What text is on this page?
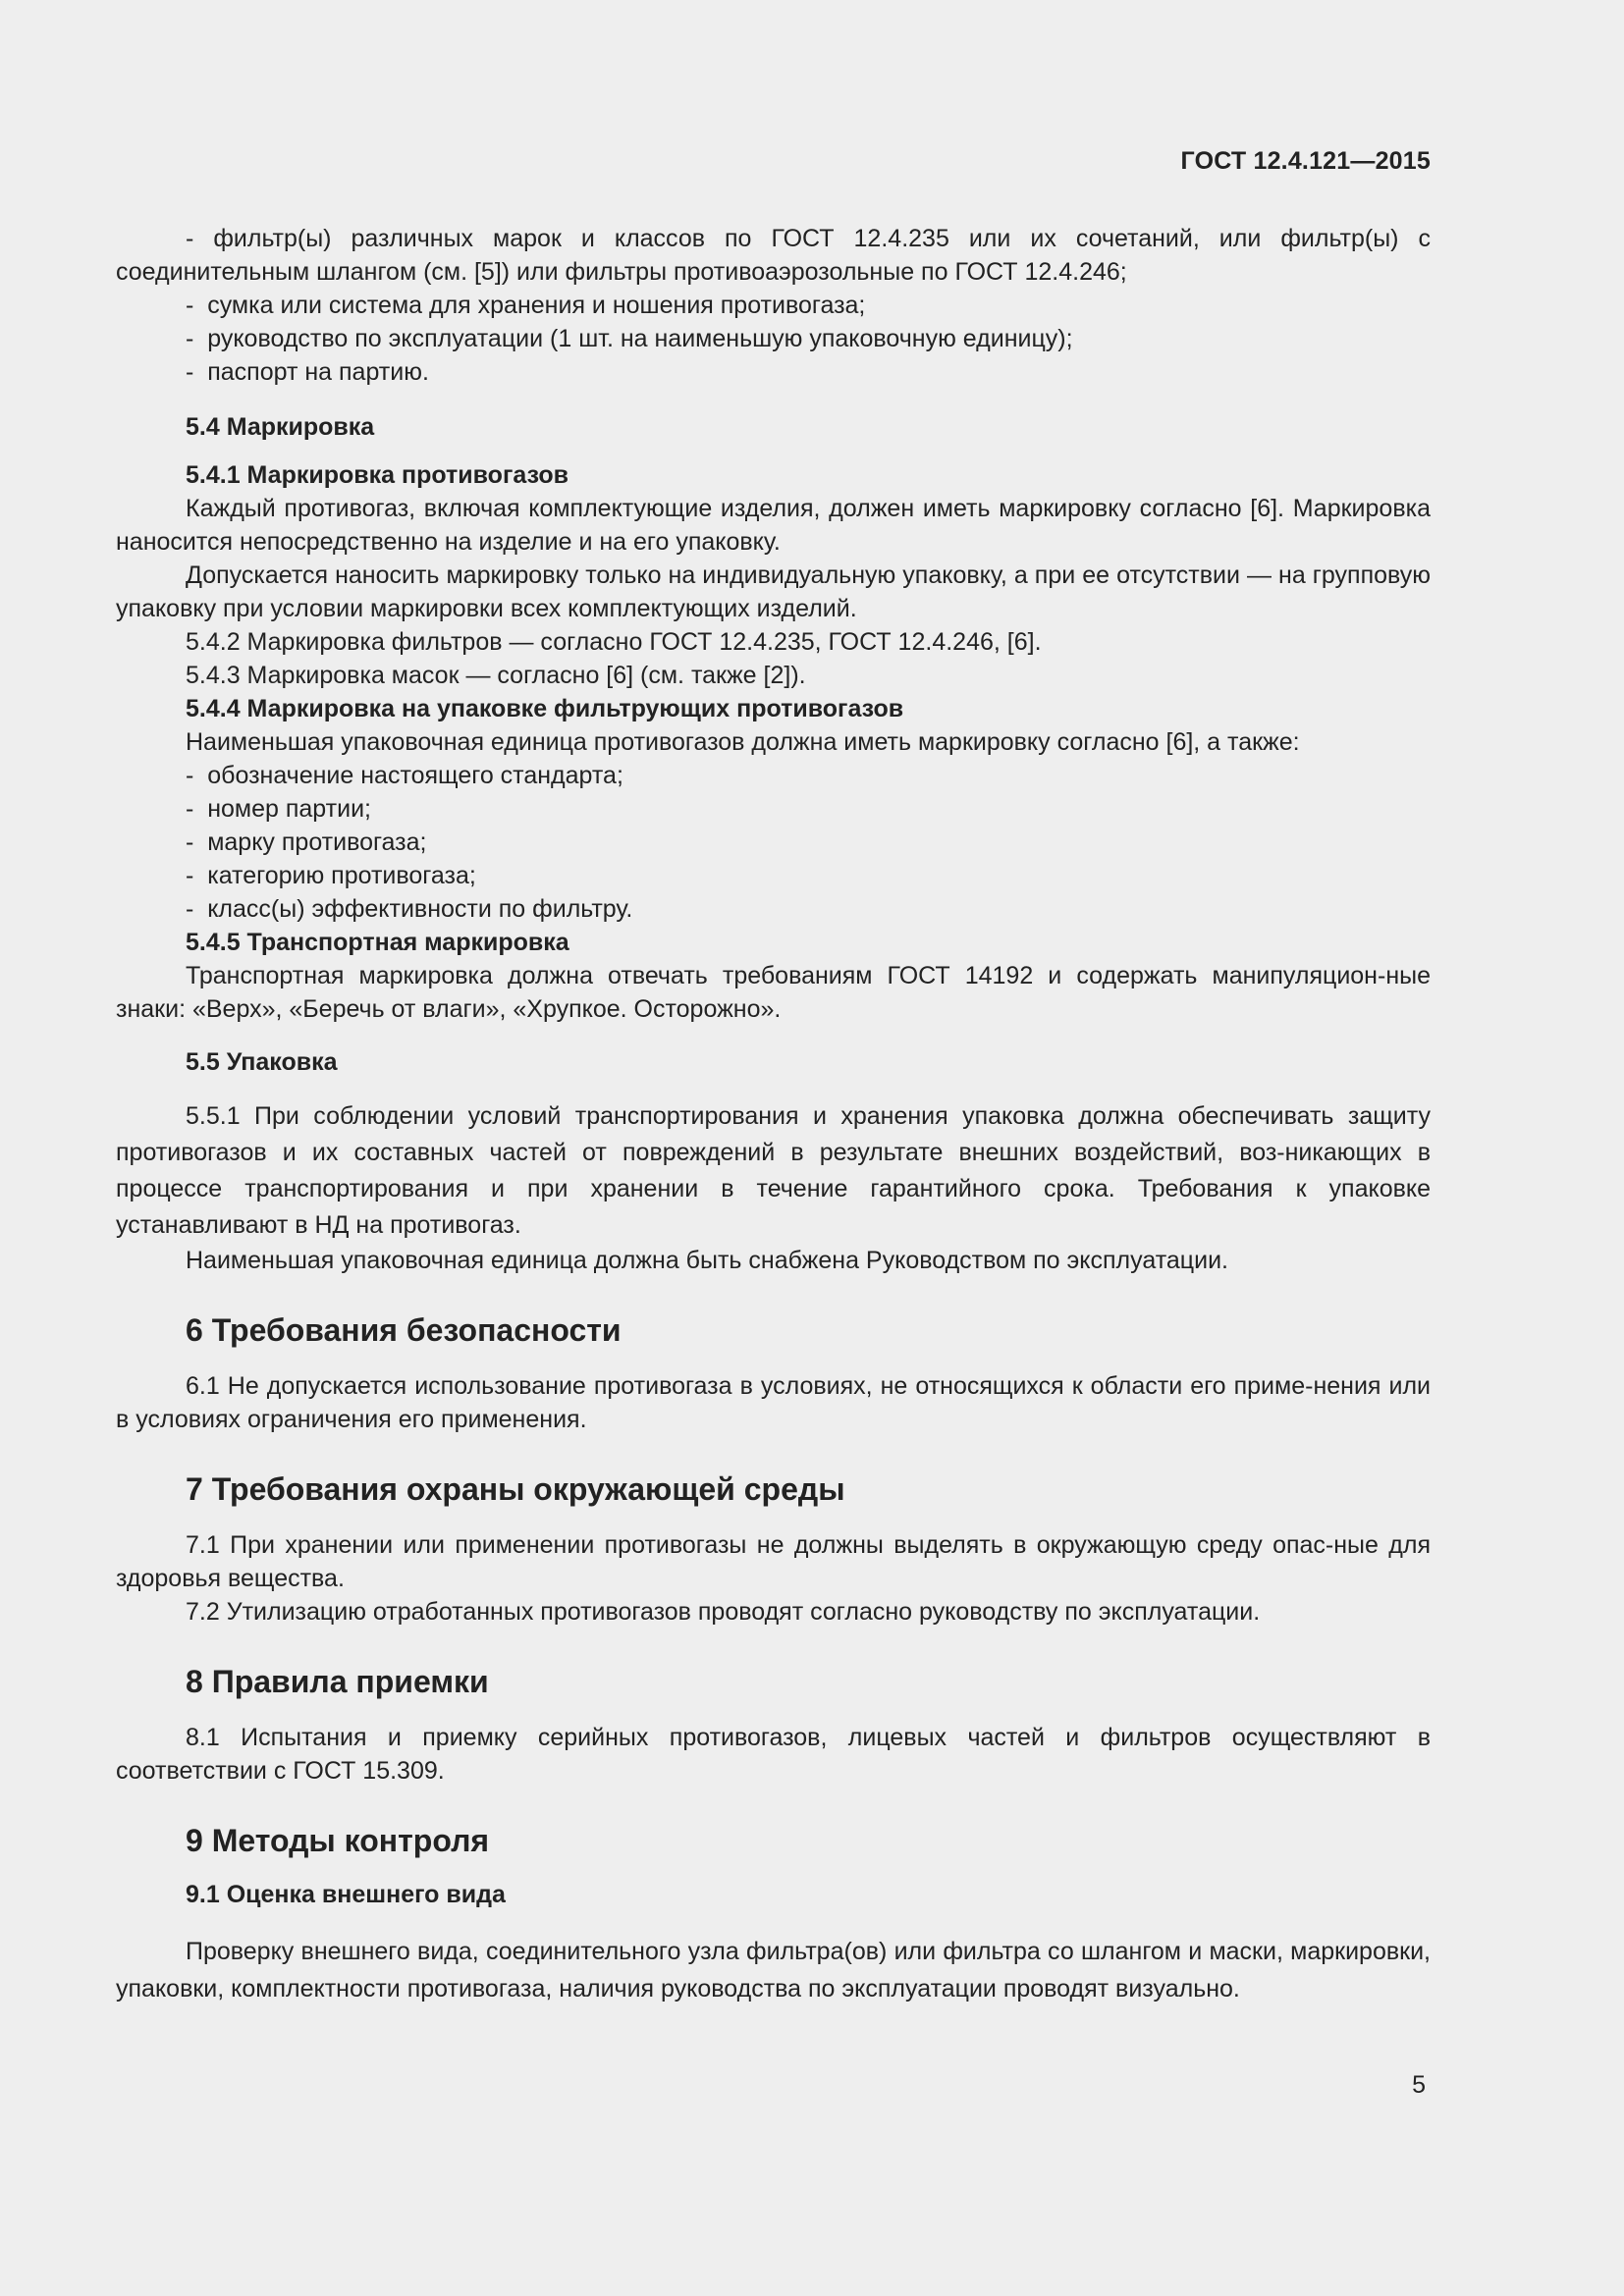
ГОСТ 12.4.121—2015

- фильтр(ы) различных марок и классов по ГОСТ 12.4.235 или их сочетаний, или фильтр(ы) с соединительным шлангом (см. [5]) или фильтры противоаэрозольные по ГОСТ 12.4.246;

-  сумка или система для хранения и ношения противогаза;

-  руководство по эксплуатации (1 шт. на наименьшую упаковочную единицу);

-  паспорт на партию.

5.4 Маркировка

5.4.1 Маркировка противогазов

Каждый противогаз, включая комплектующие изделия, должен иметь маркировку согласно [6]. Маркировка наносится непосредственно на изделие и на его упаковку.

Допускается наносить маркировку только на индивидуальную упаковку, а при ее отсутствии — на групповую упаковку при условии маркировки всех комплектующих изделий.

5.4.2 Маркировка фильтров — согласно ГОСТ 12.4.235, ГОСТ 12.4.246, [6].

5.4.3 Маркировка масок — согласно [6] (см. также [2]).

5.4.4 Маркировка на упаковке фильтрующих противогазов

Наименьшая упаковочная единица противогазов должна иметь маркировку согласно [6], а также:

-  обозначение настоящего стандарта;

-  номер партии;

-  марку противогаза;

-  категорию противогаза;

-  класс(ы) эффективности по фильтру.

5.4.5 Транспортная маркировка

Транспортная маркировка должна отвечать требованиям ГОСТ 14192 и содержать манипуляцион-ные знаки: «Верх», «Беречь от влаги», «Хрупкое. Осторожно».

5.5 Упаковка

5.5.1 При соблюдении условий транспортирования и хранения упаковка должна обеспечивать защиту противогазов и их составных частей от повреждений в результате внешних воздействий, воз-никающих в процессе транспортирования и при хранении в течение гарантийного срока. Требования к упаковке устанавливают в НД на противогаз.

Наименьшая упаковочная единица должна быть снабжена Руководством по эксплуатации.

6 Требования безопасности

6.1 Не допускается использование противогаза в условиях, не относящихся к области его приме-нения или в условиях ограничения его применения.

7 Требования охраны окружающей среды

7.1 При хранении или применении противогазы не должны выделять в окружающую среду опас-ные для здоровья вещества.

7.2 Утилизацию отработанных противогазов проводят согласно руководству по эксплуатации.

8 Правила приемки

8.1 Испытания и приемку серийных противогазов, лицевых частей и фильтров осуществляют в соответствии с ГОСТ 15.309.

9 Методы контроля

9.1 Оценка внешнего вида

Проверку внешнего вида, соединительного узла фильтра(ов) или фильтра со шлангом и маски, маркировки, упаковки, комплектности противогаза, наличия руководства по эксплуатации проводят визуально.

5
